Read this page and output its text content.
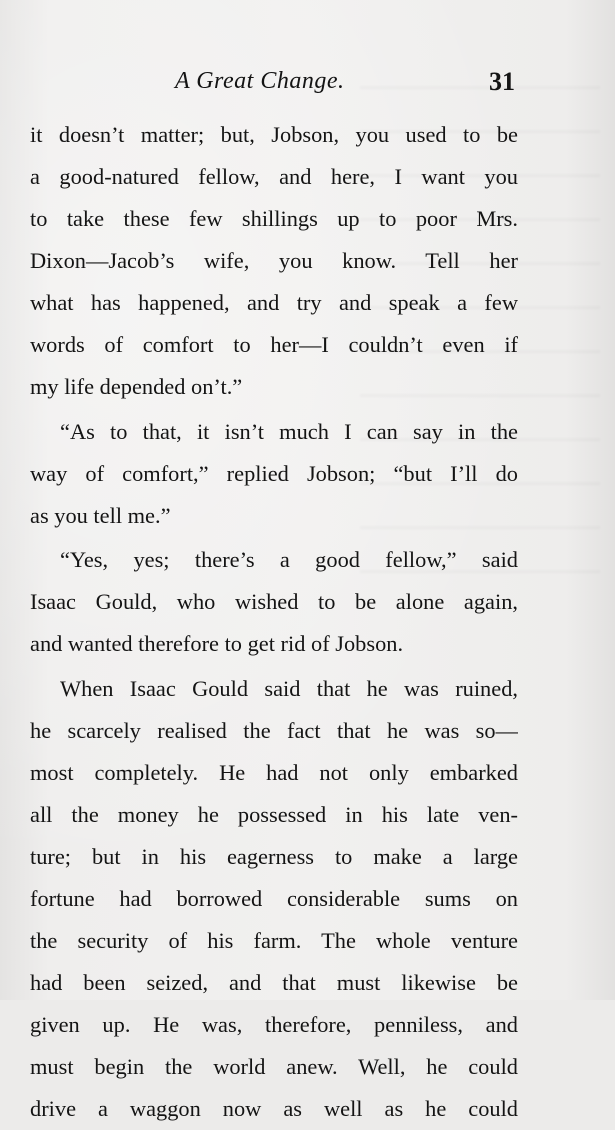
A Great Change.	31
it doesn’t matter; but, Jobson, you used to be
a good-natured fellow, and here, I want you
to take these few shillings up to poor Mrs.
Dixon—Jacob’s wife, you know. Tell her
what has happened, and try and speak a few
words of comfort to her—I couldn’t even if
my life depended on’t.”
“As to that, it isn’t much I can say in the
way of comfort,” replied Jobson; “but I’ll do
as you tell me.”
“Yes, yes; there’s a good fellow,” said
Isaac Gould, who wished to be alone again,
and wanted therefore to get rid of Jobson.
When Isaac Gould said that he was ruined,
he scarcely realised the fact that he was so—
most completely. He had not only embarked
all the money he possessed in his late ven-
ture; but in his eagerness to make a large
fortune had borrowed considerable sums on
the security of his farm. The whole venture
had been seized, and that must likewise be
given up. He was, therefore, penniless, and
must begin the world anew. Well, he could
drive a waggon now as well as he could
